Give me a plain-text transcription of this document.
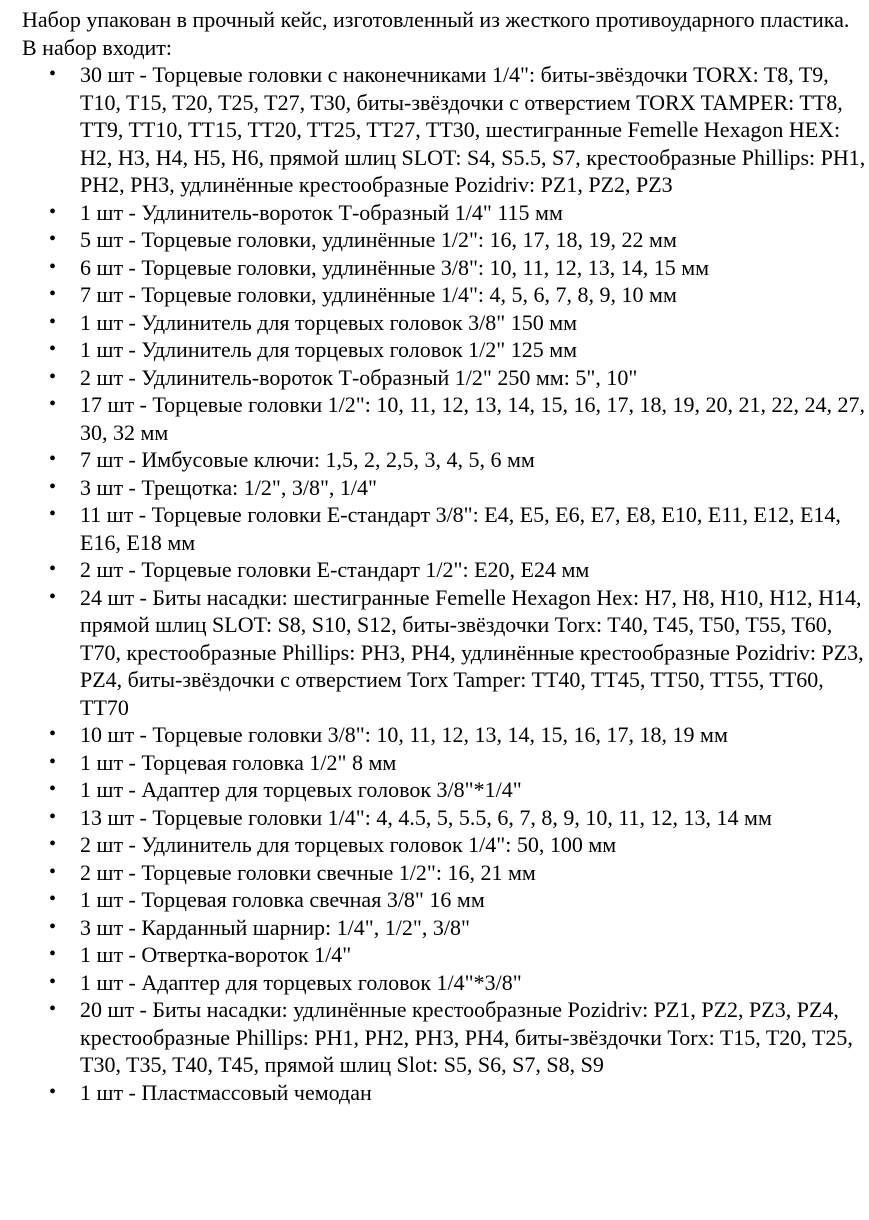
Набор упакован в прочный кейс, изготовленный из жесткого противоударного пластика.

В набор входит:

• 30 шт - Торцевые головки с наконечниками 1/4": биты-звёздочки TORX: T8, T9, T10, T15, T20, T25, T27, T30, биты-звёздочки с отверстием TORX TAMPER: TT8, TT9, TT10, TT15, TT20, TT25, TT27, TT30, шестигранные Femelle Hexagon HEX: H2, H3, H4, H5, H6, прямой шлиц SLOT: S4, S5.5, S7, крестообразные Phillips: PH1, PH2, PH3, удлинённые крестообразные Pozidriv: PZ1, PZ2, PZ3
• 1 шт - Удлинитель-вороток Т-образный 1/4" 115 мм
• 5 шт - Торцевые головки, удлинённые 1/2": 16, 17, 18, 19, 22 мм
• 6 шт - Торцевые головки, удлинённые 3/8": 10, 11, 12, 13, 14, 15 мм
• 7 шт - Торцевые головки, удлинённые 1/4": 4, 5, 6, 7, 8, 9, 10 мм
• 1 шт - Удлинитель для торцевых головок 3/8" 150 мм
• 1 шт - Удлинитель для торцевых головок 1/2" 125 мм
• 2 шт - Удлинитель-вороток Т-образный 1/2" 250 мм: 5", 10"
• 17 шт - Торцевые головки 1/2": 10, 11, 12, 13, 14, 15, 16, 17, 18, 19, 20, 21, 22, 24, 27, 30, 32 мм
• 7 шт - Имбусовые ключи: 1,5, 2, 2,5, 3, 4, 5, 6 мм
• 3 шт - Трещотка: 1/2", 3/8", 1/4"
• 11 шт - Торцевые головки E-стандарт 3/8": E4, E5, E6, E7, E8, E10, E11, E12, E14, E16, E18 мм
• 2 шт - Торцевые головки E-стандарт 1/2": E20, E24 мм
• 24 шт - Биты насадки: шестигранные Femelle Hexagon Hex: H7, H8, H10, H12, H14, прямой шлиц SLOT: S8, S10, S12, биты-звёздочки Torx: T40, T45, T50, T55, T60, T70, крестообразные Phillips: PH3, PH4, удлинённые крестообразные Pozidriv: PZ3, PZ4, биты-звёздочки с отверстием Torx Tamper: TT40, TT45, TT50, TT55, TT60, TT70
• 10 шт - Торцевые головки 3/8": 10, 11, 12, 13, 14, 15, 16, 17, 18, 19 мм
• 1 шт - Торцевая головка 1/2" 8 мм
• 1 шт - Адаптер для торцевых головок 3/8"*1/4"
• 13 шт - Торцевые головки 1/4": 4, 4.5, 5, 5.5, 6, 7, 8, 9, 10, 11, 12, 13, 14 мм
• 2 шт - Удлинитель для торцевых головок 1/4": 50, 100 мм
• 2 шт - Торцевые головки свечные 1/2": 16, 21 мм
• 1 шт - Торцевая головка свечная 3/8" 16 мм
• 3 шт - Карданный шарнир: 1/4", 1/2", 3/8"
• 1 шт - Отвертка-вороток 1/4"
• 1 шт - Адаптер для торцевых головок 1/4"*3/8"
• 20 шт - Биты насадки: удлинённые крестообразные Pozidriv: PZ1, PZ2, PZ3, PZ4, крестообразные Phillips: PH1, PH2, PH3, PH4, биты-звёздочки Torx: T15, T20, T25, T30, T35, T40, T45, прямой шлиц Slot: S5, S6, S7, S8, S9
• 1 шт - Пластмассовый чемодан
